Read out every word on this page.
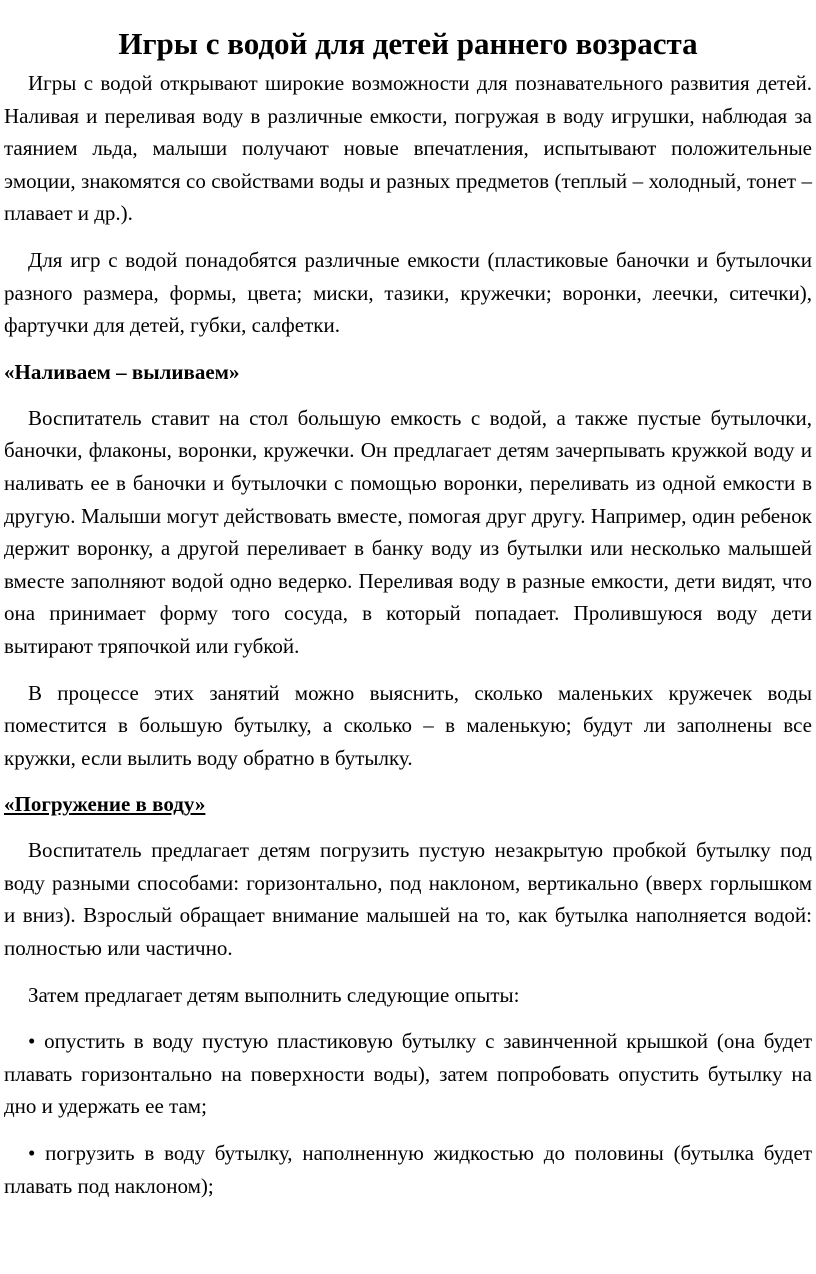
Игры с водой для детей раннего возраста

Игры с водой открывают широкие возможности для познавательного развития детей. Наливая и переливая воду в различные емкости, погружая в воду игрушки, наблюдая за таянием льда, малыши получают новые впечатления, испытывают положительные эмоции, знакомятся со свойствами воды и разных предметов (теплый – холодный, тонет – плавает и др.).

Для игр с водой понадобятся различные емкости (пластиковые баночки и бутылочки разного размера, формы, цвета; миски, тазики, кружечки; воронки, леечки, ситечки), фартучки для детей, губки, салфетки.

«Наливаем – выливаем»

Воспитатель ставит на стол большую емкость с водой, а также пустые бутылочки, баночки, флаконы, воронки, кружечки. Он предлагает детям зачерпывать кружкой воду и наливать ее в баночки и бутылочки с помощью воронки, переливать из одной емкости в другую. Малыши могут действовать вместе, помогая друг другу. Например, один ребенок держит воронку, а другой переливает в банку воду из бутылки или несколько малышей вместе заполняют водой одно ведерко. Переливая воду в разные емкости, дети видят, что она принимает форму того сосуда, в который попадает. Пролившуюся воду дети вытирают тряпочкой или губкой.

В процессе этих занятий можно выяснить, сколько маленьких кружечек воды поместится в большую бутылку, а сколько – в маленькую; будут ли заполнены все кружки, если вылить воду обратно в бутылку.

«Погружение в воду»

Воспитатель предлагает детям погрузить пустую незакрытую пробкой бутылку под воду разными способами: горизонтально, под наклоном, вертикально (вверх горлышком и вниз). Взрослый обращает внимание малышей на то, как бутылка наполняется водой: полностью или частично.

Затем предлагает детям выполнить следующие опыты:

• опустить в воду пустую пластиковую бутылку с завинченной крышкой (она будет плавать горизонтально на поверхности воды), затем попробовать опустить бутылку на дно и удержать ее там;

• погрузить в воду бутылку, наполненную жидкостью до половины (бутылка будет плавать под наклоном);
